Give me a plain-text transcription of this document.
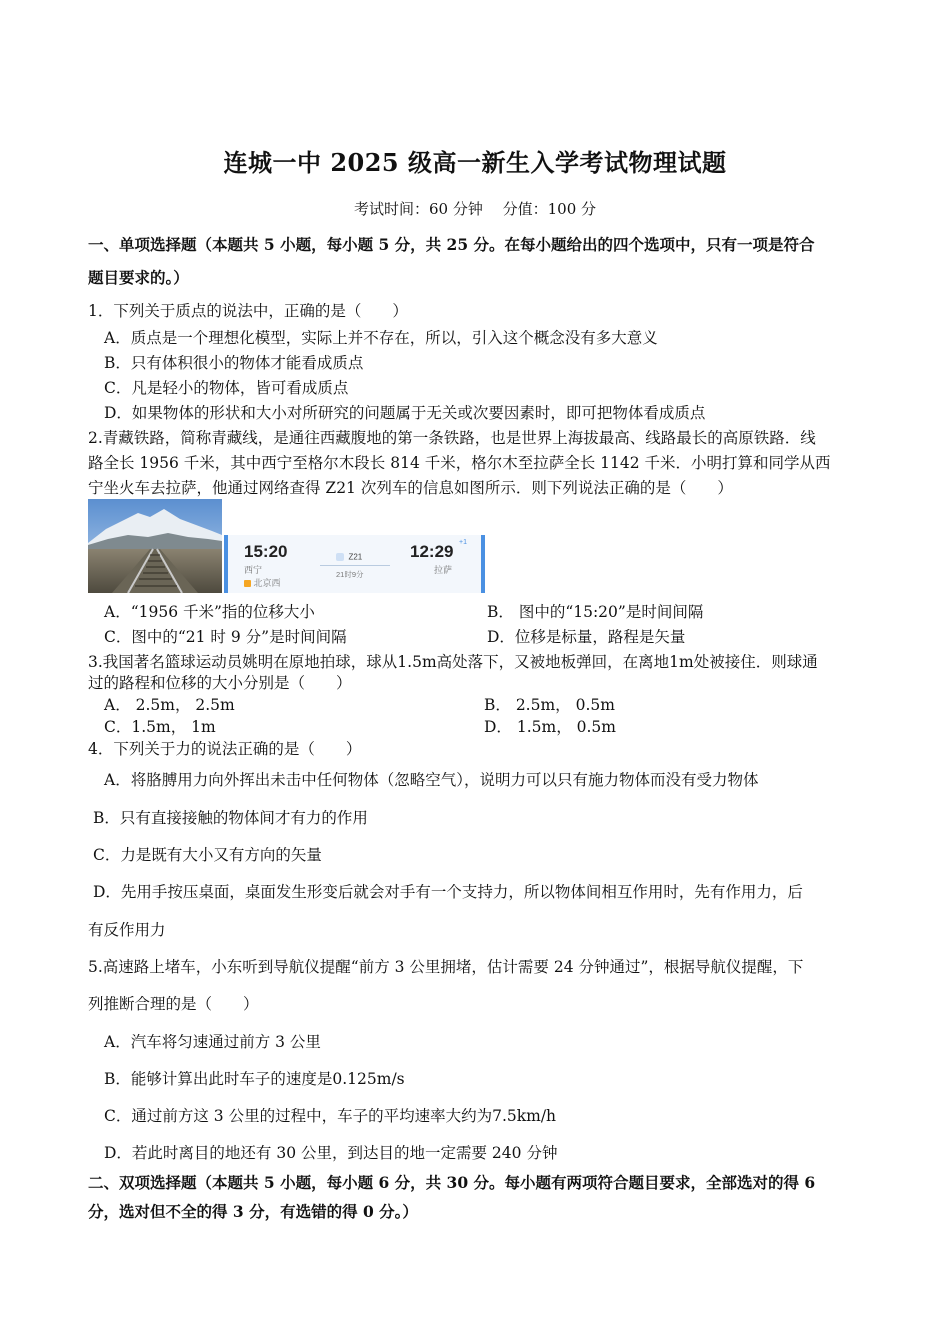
连城一中 2025 级高一新生入学考试物理试题
考试时间：60 分钟　 分值：100 分
一、单项选择题（本题共 5 小题，每小题 5 分，共 25 分。在每小题给出的四个选项中，只有一项是符合
题目要求的。）
1．下列关于质点的说法中，正确的是（　　）
A．质点是一个理想化模型，实际上并不存在，所以，引入这个概念没有多大意义
B．只有体积很小的物体才能看成质点
C．凡是轻小的物体，皆可看成质点
D．如果物体的形状和大小对所研究的问题属于无关或次要因素时，即可把物体看成质点
2.青藏铁路，简称青藏线，是通往西藏腹地的第一条铁路，也是世界上海拔最高、线路最长的高原铁路．线
路全长 1956 千米，其中西宁至格尔木段长 814 千米，格尔木至拉萨全长 1142 千米．小明打算和同学从西
宁坐火车去拉萨，他通过网络查得 Z21 次列车的信息如图所示．则下列说法正确的是（　　）
15:20
西宁
北京西
Z21
21时9分
12:29 +1
拉萨
A．“1956 千米”指的位移大小	B． 图中的“15:20”是时间间隔
C．图中的“21 时 9 分”是时间间隔	D．位移是标量，路程是矢量
3.我国著名篮球运动员姚明在原地拍球，球从1.5m高处落下，又被地板弹回，在离地1m处被接住．则球通
过的路程和位移的大小分别是（　　）
A． 2.5m， 2.5m	B． 2.5m， 0.5m
C．1.5m， 1m	D． 1.5m， 0.5m
4．下列关于力的说法正确的是（　　）
A．将胳膊用力向外挥出未击中任何物体（忽略空气），说明力可以只有施力物体而没有受力物体
B．只有直接接触的物体间才有力的作用
C．力是既有大小又有方向的矢量
D．先用手按压桌面，桌面发生形变后就会对手有一个支持力，所以物体间相互作用时，先有作用力，后
有反作用力
5.高速路上堵车，小东听到导航仪提醒“前方 3 公里拥堵，估计需要 24 分钟通过”，根据导航仪提醒，下
列推断合理的是（　　）
A．汽车将匀速通过前方 3 公里
B．能够计算出此时车子的速度是0.125m/s
C．通过前方这 3 公里的过程中，车子的平均速率大约为7.5km/h
D．若此时离目的地还有 30 公里，到达目的地一定需要 240 分钟
二、双项选择题（本题共 5 小题，每小题 6 分，共 30 分。每小题有两项符合题目要求，全部选对的得 6
分，选对但不全的得 3 分，有选错的得 0 分。）
